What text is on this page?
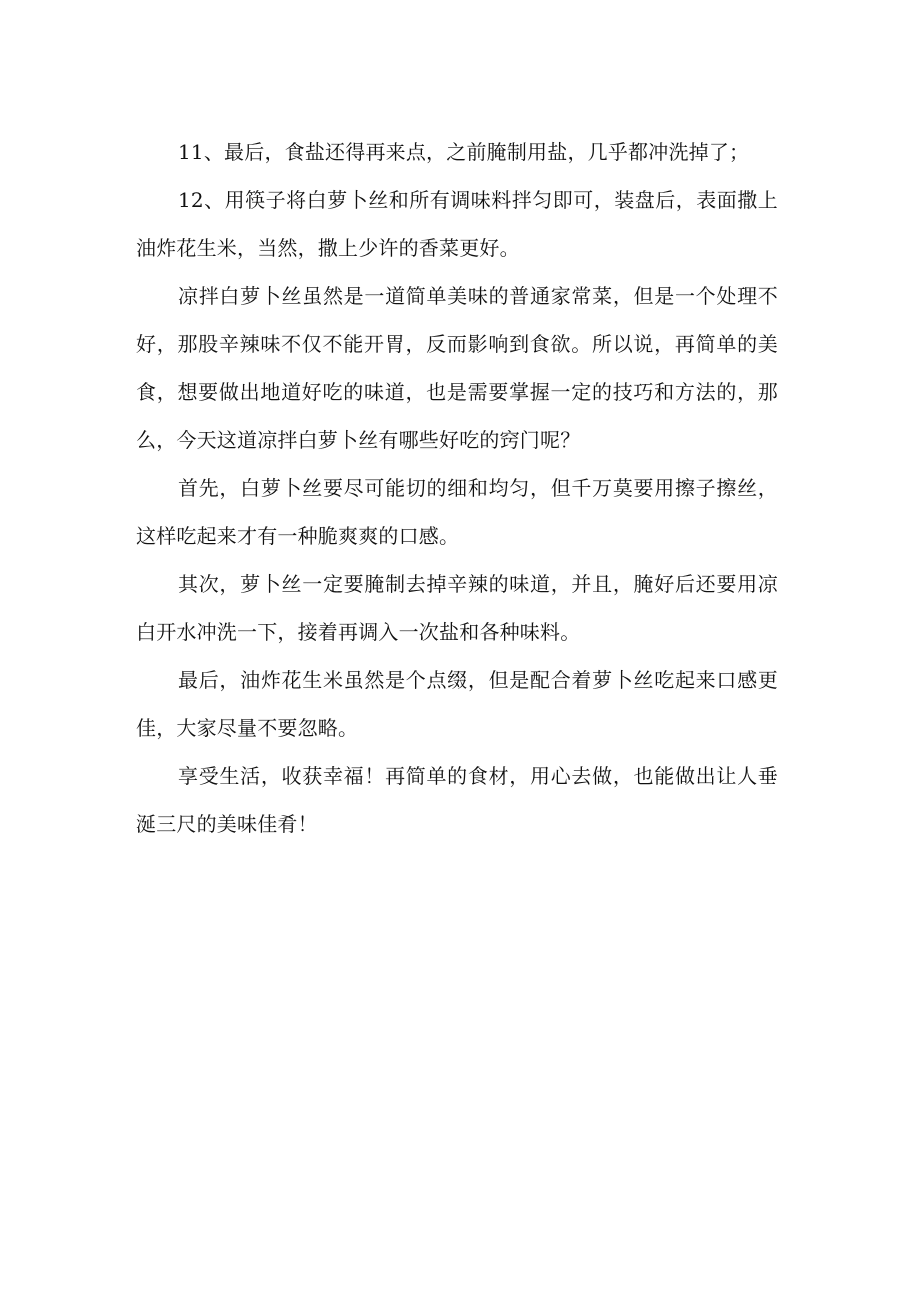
11、最后，食盐还得再来点，之前腌制用盐，几乎都冲洗掉了；

12、用筷子将白萝卜丝和所有调味料拌匀即可，装盘后，表面撒上油炸花生米，当然，撒上少许的香菜更好。

凉拌白萝卜丝虽然是一道简单美味的普通家常菜，但是一个处理不好，那股辛辣味不仅不能开胃，反而影响到食欲。所以说，再简单的美食，想要做出地道好吃的味道，也是需要掌握一定的技巧和方法的，那么，今天这道凉拌白萝卜丝有哪些好吃的窍门呢？

首先，白萝卜丝要尽可能切的细和均匀，但千万莫要用擦子擦丝，这样吃起来才有一种脆爽爽的口感。

其次，萝卜丝一定要腌制去掉辛辣的味道，并且，腌好后还要用凉白开水冲洗一下，接着再调入一次盐和各种味料。

最后，油炸花生米虽然是个点缀，但是配合着萝卜丝吃起来口感更佳，大家尽量不要忽略。

享受生活，收获幸福！再简单的食材，用心去做，也能做出让人垂涎三尺的美味佳肴！
